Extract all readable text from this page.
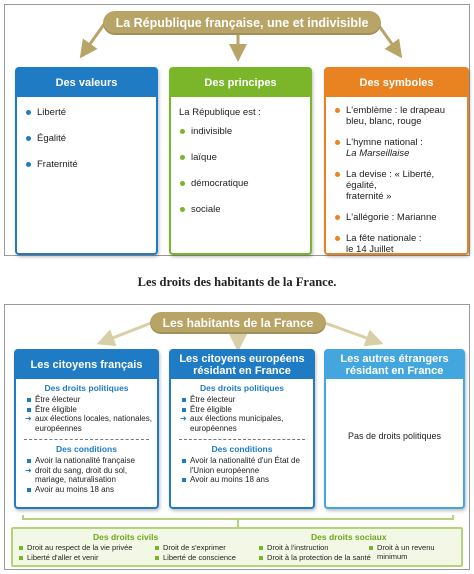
La République française, une et indivisible
Des valeurs
Liberté
Égalité
Fraternité
Des principes
La République est :
indivisible
laïque
démocratique
sociale
Des symboles
L'emblème : le drapeau
bleu, blanc, rouge
L'hymne national :
La Marseillaise
La devise : « Liberté, égalité,
fraternité »
L'allégorie : Marianne
La fête nationale :
le 14 Juillet
Les droits des habitants de la France.
Les habitants de la France
Les citoyens français
Des droits politiques
Être électeur
Être éligible
➜ aux élections locales, nationales, européennes
Des conditions
Avoir la nationalité française
➜ droit du sang, droit du sol, mariage, naturalisation
Avoir au moins 18 ans
Les citoyens européens
résidant en France
Des droits politiques
Être électeur
Être éligible
➜ aux élections municipales, européennes
Des conditions
Avoir la nationalité d'un État de l'Union européenne
Avoir au moins 18 ans
Les autres étrangers
résidant en France
Pas de droits politiques
Des droits civils	Des droits sociaux
Droit au respect de la vie privée	Droit de s'exprimer
Liberté d'aller et venir	Liberté de conscience
Droit à l'instruction	Droit à un revenu minimum
Droit à la protection de la santé
